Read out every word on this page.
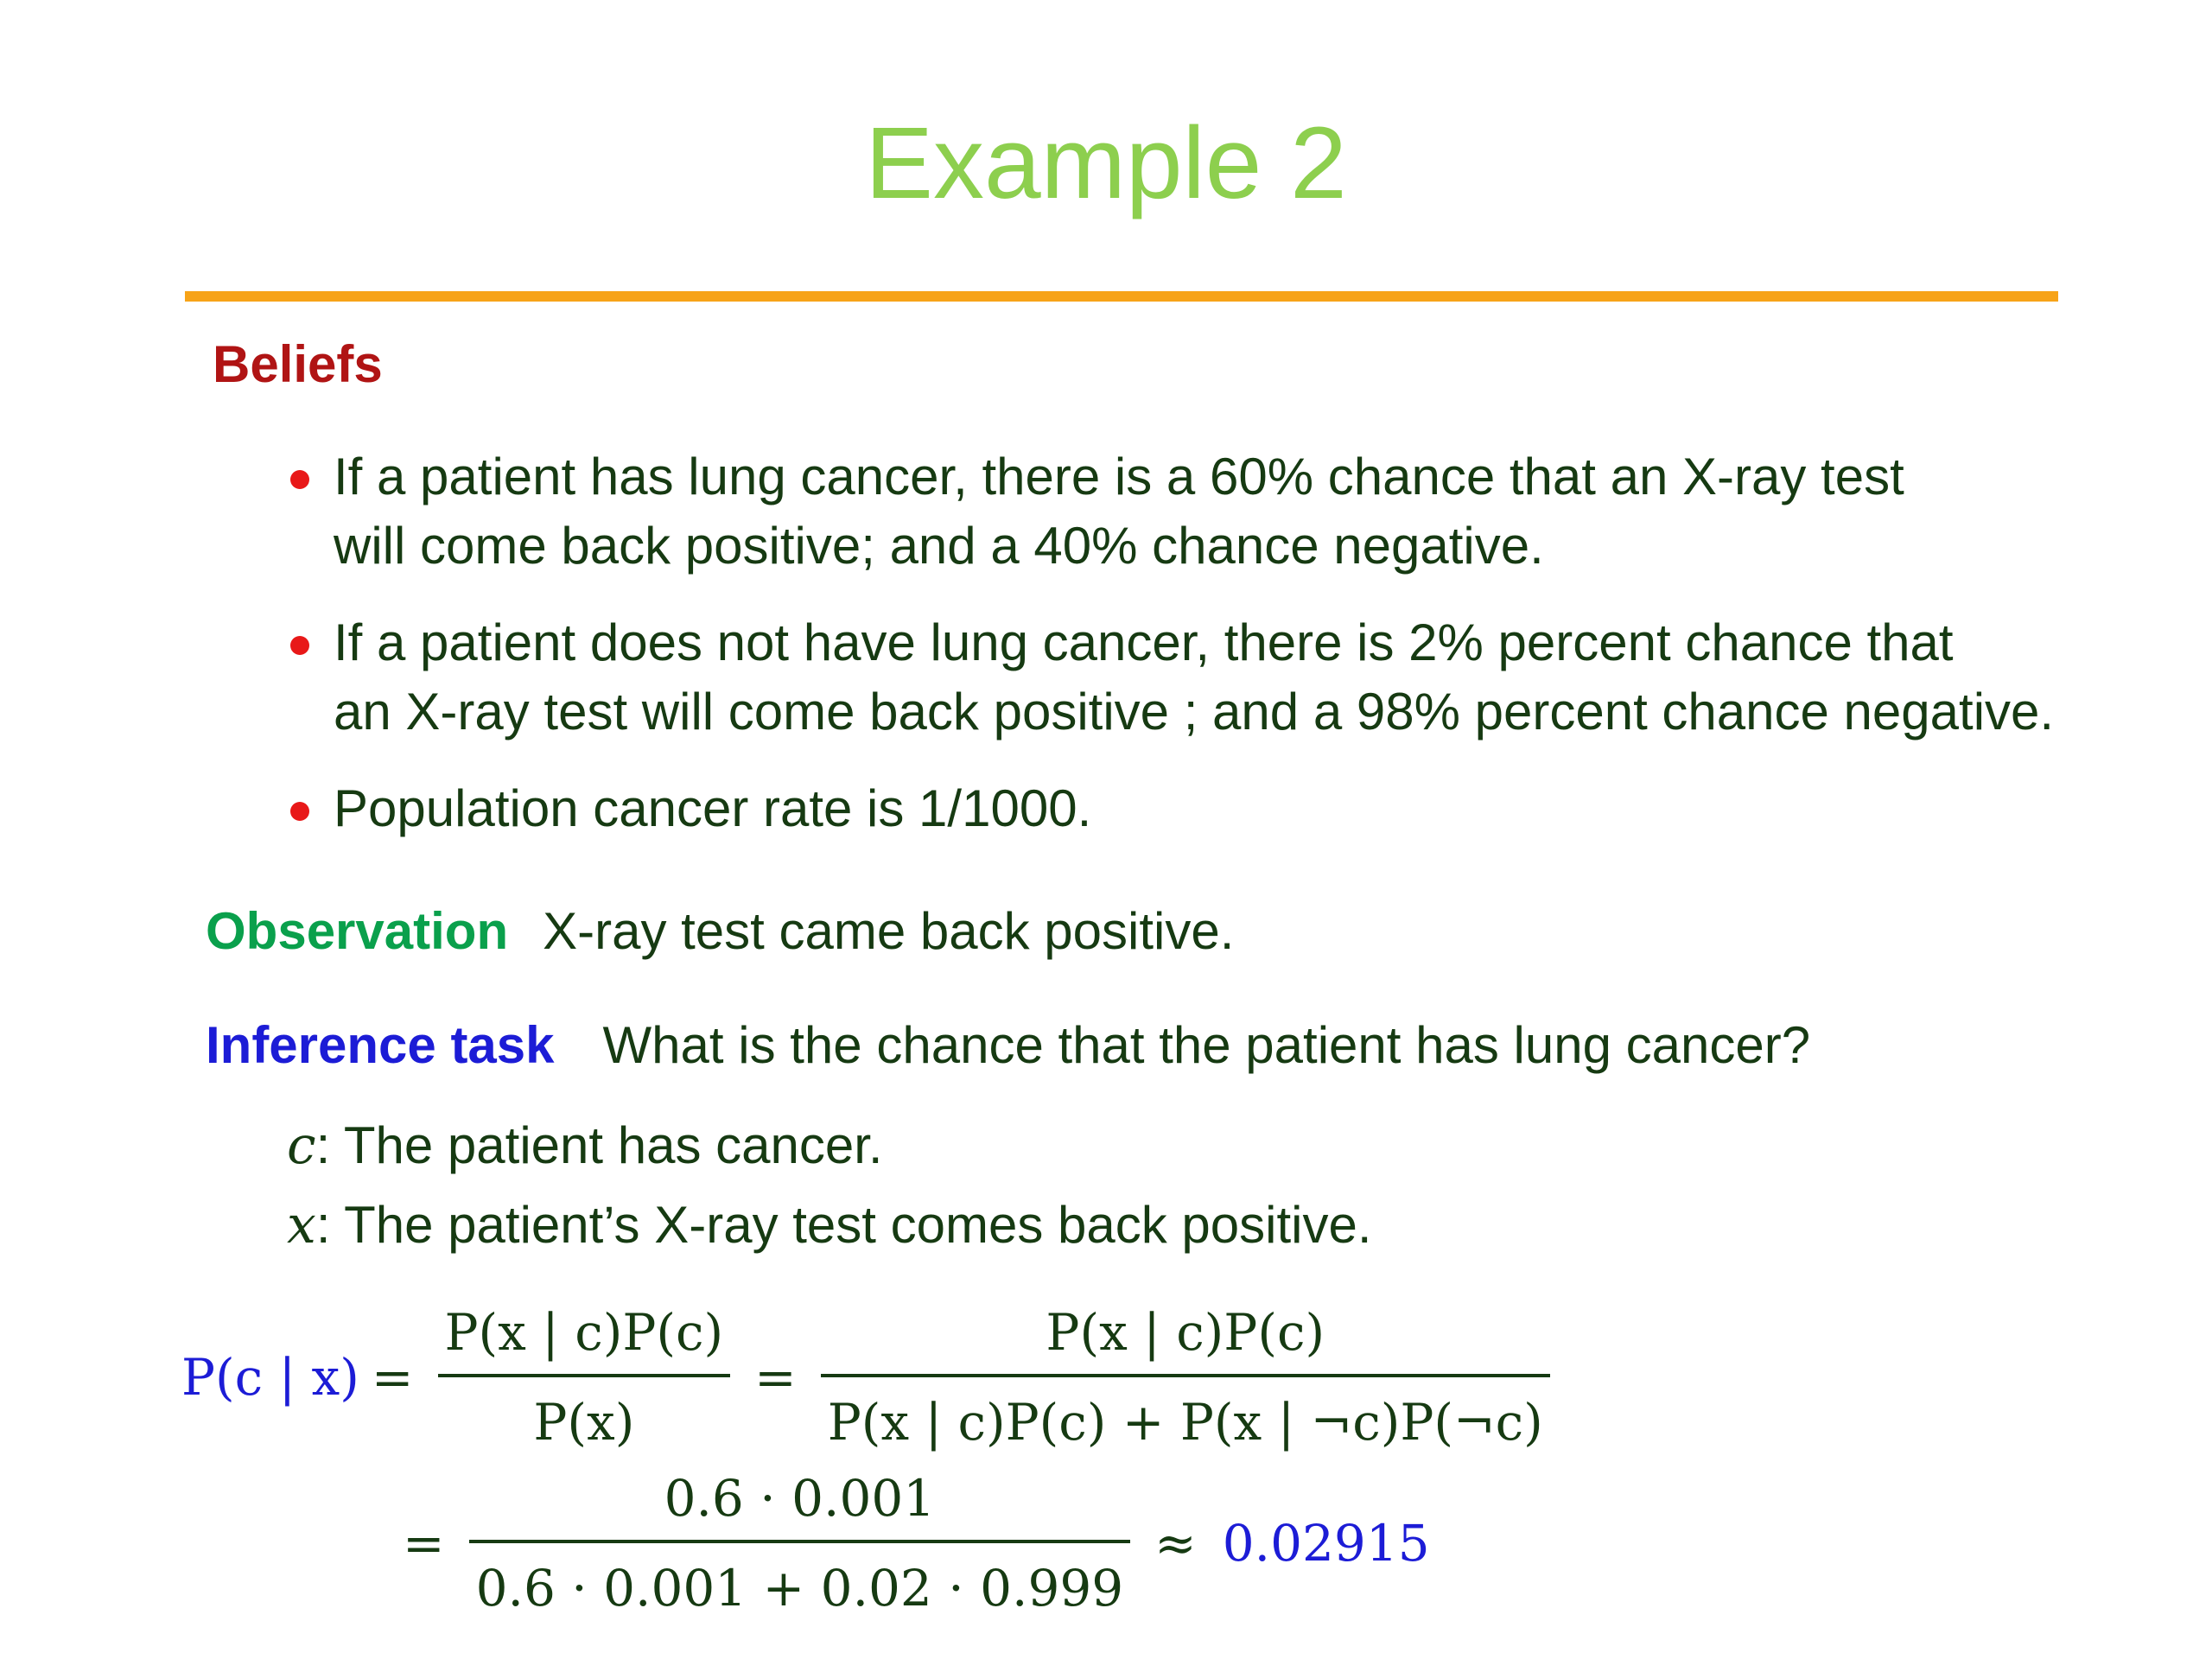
Example 2
Beliefs
If a patient has lung cancer, there is a 60% chance that an X-ray test
will come back positive; and a 40% chance negative.
If a patient does not have lung cancer, there is 2% percent chance that
an X-ray test will come back positive ; and a 98% percent chance negative.
Population cancer rate is 1/1000.
Observation X-ray test came back positive.
Inference task What is the chance that the patient has lung cancer?
c: The patient has cancer.
x: The patient’s X-ray test comes back positive.
P(c | $x) = \frac{P(x | c)P(c)}{P(x)} = \frac{P(x | c)P(c)}{P(x | c)P(c) + P(x | \neg c)P(\neg c)}$
= $\frac{0.6 \cdot 0.001}{0.6 \cdot 0.001 + 0.02 \cdot 0.999} \approx 0.02915$
